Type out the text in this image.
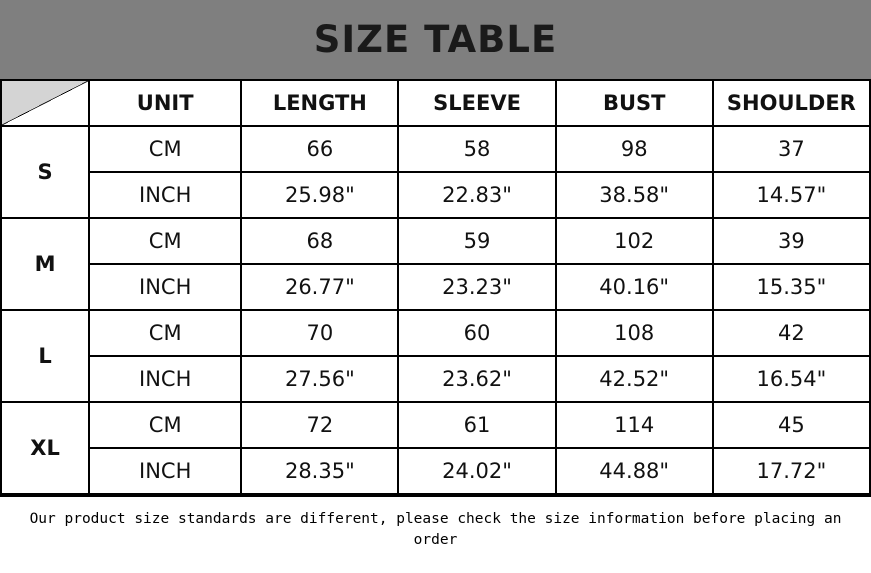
SIZE TABLE
	UNIT	LENGTH	SLEEVE	BUST	SHOULDER
S	CM	66	58	98	37
	INCH	25.98"	22.83"	38.58"	14.57"
M	CM	68	59	102	39
	INCH	26.77"	23.23"	40.16"	15.35"
L	CM	70	60	108	42
	INCH	27.56"	23.62"	42.52"	16.54"
XL	CM	72	61	114	45
	INCH	28.35"	24.02"	44.88"	17.72"
Our product size standards are different, please check the size information before placing an order
